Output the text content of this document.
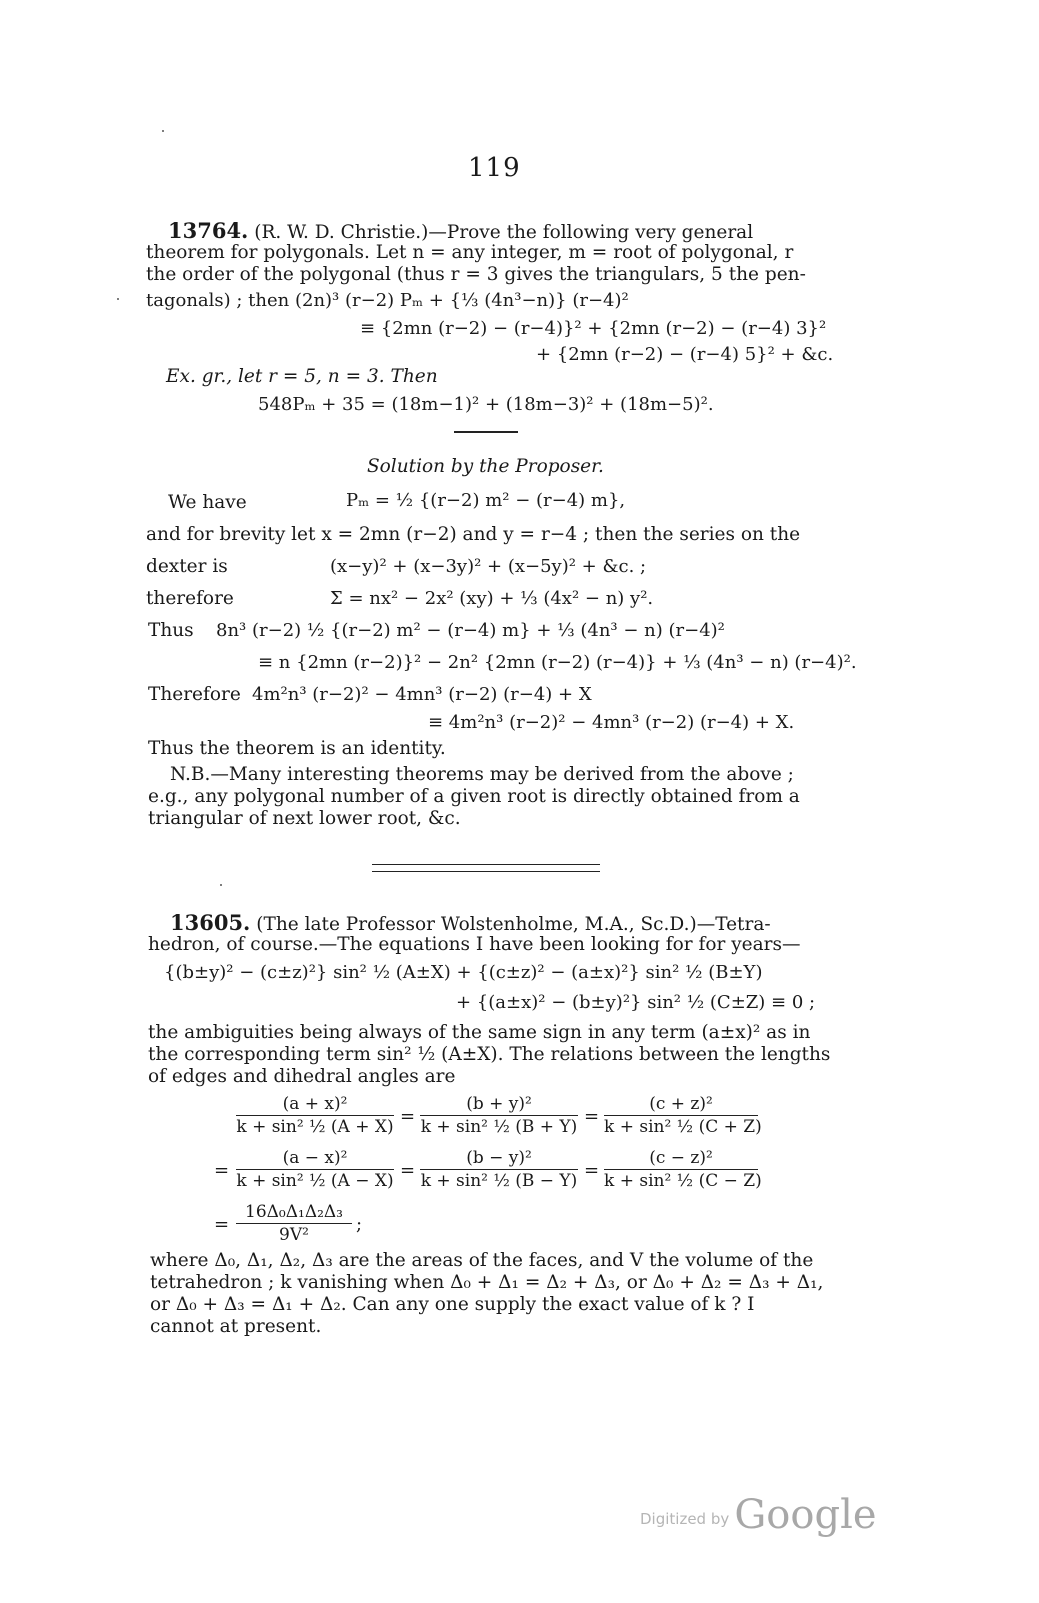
119
13764. (R. W. D. Christie.)—Prove the following very general
theorem for polygonals. Let n = any integer, m = root of polygonal, r
the order of the polygonal (thus r = 3 gives the triangulars, 5 the pen-
tagonals) ; then (2n)³ (r−2) Pₘ + {⅓ (4n³−n)} (r−4)²
≡ {2mn (r−2) − (r−4)}² + {2mn (r−2) − (r−4) 3}²
+ {2mn (r−2) − (r−4) 5}² + &c.
Ex. gr., let r = 5, n = 3. Then
548Pₘ + 35 = (18m−1)² + (18m−3)² + (18m−5)².
Solution by the Proposer.
We have	Pₘ = ½ {(r−2) m² − (r−4) m},
and for brevity let x = 2mn (r−2) and y = r−4 ; then the series on the
dexter is	(x−y)² + (x−3y)² + (x−5y)² + &c. ;
therefore	Σ = nx² − 2x² (xy) + ⅓ (4x² − n) y².
Thus 8n³ (r−2) ½ {(r−2) m² − (r−4) m} + ⅓ (4n³ − n) (r−4)²
≡ n {2mn (r−2)}² − 2n² {2mn (r−2) (r−4)} + ⅓ (4n³ − n) (r−4)².
Therefore 4m²n³ (r−2)² − 4mn³ (r−2) (r−4) + X
≡ 4m²n³ (r−2)² − 4mn³ (r−2) (r−4) + X.
Thus the theorem is an identity.
N.B.—Many interesting theorems may be derived from the above ;
e.g., any polygonal number of a given root is directly obtained from a
triangular of next lower root, &c.
13605. (The late Professor Wolstenholme, M.A., Sc.D.)—Tetra-
hedron, of course.—The equations I have been looking for for years—
{(b±y)² − (c±z)²} sin² ½ (A±X) + {(c±z)² − (a±x)²} sin² ½ (B±Y)
+ {(a±x)² − (b±y)²} sin² ½ (C±Z) ≡ 0 ;
the ambiguities being always of the same sign in any term (a±x)² as in
the corresponding term sin² ½ (A±X). The relations between the lengths
of edges and dihedral angles are
(a + x)²
k + sin² ½ (A + X) =
(b + y)²
k + sin² ½ (B + Y) =
(c + z)²
k + sin² ½ (C + Z)
=
(a − x)²
k + sin² ½ (A − X) =
(b − y)²
k + sin² ½ (B − Y) =
(c − z)²
k + sin² ½ (C − Z)
=
16Δ₀Δ₁Δ₂Δ₃
9V²	;
where Δ₀, Δ₁, Δ₂, Δ₃ are the areas of the faces, and V the volume of the
tetrahedron ; k vanishing when Δ₀ + Δ₁ = Δ₂ + Δ₃, or Δ₀ + Δ₂ = Δ₃ + Δ₁,
or Δ₀ + Δ₃ = Δ₁ + Δ₂. Can any one supply the exact value of k ? I
cannot at present.
Digitized by Google
